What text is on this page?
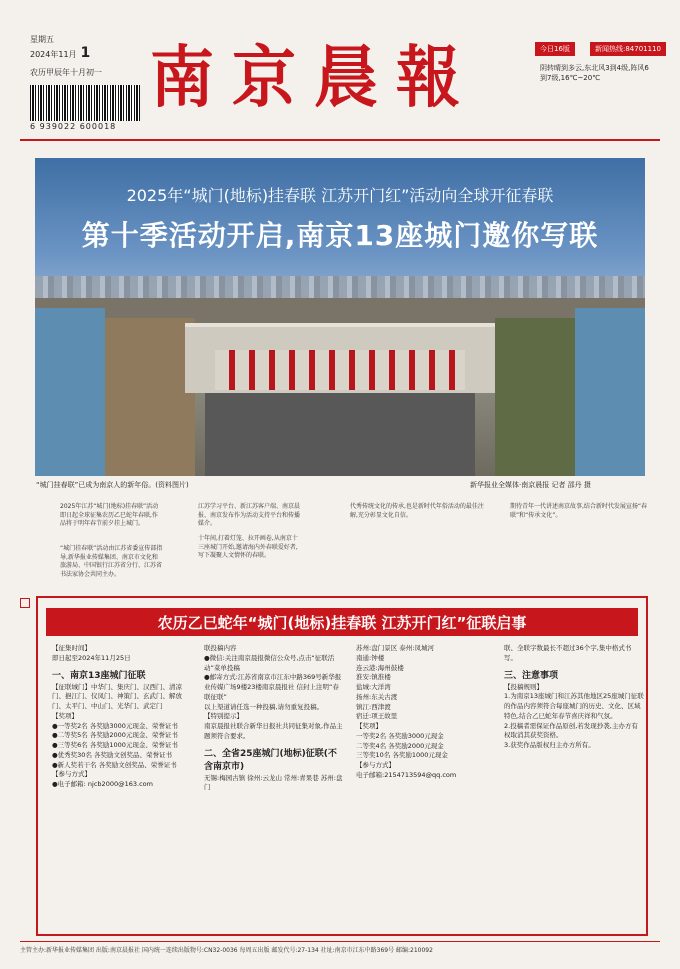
星期五
2024年11月 1
农历甲辰年十月初一
6 939022 600018
南京晨報	今日16版	新闻热线:84701110
阴转晴到多云,东北风3到4级,阵风6到7级,16℃~20℃
2025年“城门(地标)挂春联 江苏开门红”活动向全球开征春联
第十季活动开启,南京13座城门邀你写联
“城门挂春联”已成为南京人的新年俗。(资料图片)	新华报业全媒体·南京晨报 记者 邵丹 摄
2025年江苏“城门(地标)挂春联”活动即日起全球征集农历乙巳蛇年春联,作品将于明年春节前夕挂上城门。
“城门挂春联”活动由江苏省委宣传部指导,新华报业传媒集团、南京市文化和旅游局、中国银行江苏省分行、江苏省书法家协会共同主办。
江苏学习平台、新江苏客户端、南京晨报、南京发布作为活动支持平台和传播媒介。
十年间,打着灯笼、拉开画卷,从南京十三座城门开始,邀请海内外春联爱好者,写下凝聚人文情怀的春联。
代秀传统文化的传承,也是新时代年俗活动的最佳注解,充分彰显文化自信。
期待青年一代讲述南京故事,结合新时代发展宣扬“春联”和“传承文化”。
农历乙巳蛇年“城门(地标)挂春联 江苏开门红”征联启事
【征集时间】
即日起至2024年11月25日
一、南京13座城门征联
【征联城门】中华门、集庆门、汉西门、清凉门、挹江门、仪凤门、神策门、玄武门、解放门、太平门、中山门、光华门、武定门
【奖项】
●一等奖2名 各奖励3000元现金、荣誉证书
●二等奖5名 各奖励2000元现金、荣誉证书
●三等奖6名 各奖励1000元现金、荣誉证书
●优秀奖30名 各奖励文创奖品、荣誉证书
●新人奖若干名 各奖励文创奖品、荣誉证书
【参与方式】
●电子邮箱: njcb2000@163.com
联投稿内容
●微信:关注南京晨报微信公众号,点击“征联活动”菜单投稿
●邮寄方式:江苏省南京市江东中路369号新华报业传媒广场9楼23楼南京晨报社 信封上注明“春联征联”
以上渠道请任选一种投稿,请勿重复投稿。
【特别提示】
南京晨报社联合新华日报社共同征集对象,作品主题须符合要求。
二、全省25座城门(地标)征联(不含南京市)
无锡:梅园古镇 徐州:云龙山 常州:青果巷 苏州:盘门
苏州:盘门景区 泰州:凤城河
南通:钟楼
连云港:海州鼓楼
淮安:镇淮楼
盐城:大洋湾
扬州:东关古渡
镇江:西津渡
宿迁:项王故里
【奖项】
一等奖2名 各奖励3000元现金
二等奖4名 各奖励2000元现金
三等奖10名 各奖励1000元现金
【参与方式】
电子邮箱:2154713594@qq.com
联、全联字数最长不超过36个字,集中格式书写。
三、注意事项
【投稿规则】
1.为南京13座城门和江苏其他地区25座城门征联的作品内容须符合每座城门的历史、文化、区域特色,结合乙巳蛇年春节喜庆祥和气氛。
2.投稿者需保证作品原创,若发现抄袭,主办方有权取消其获奖资格。
3.获奖作品版权归主办方所有。
主管主办:新华报业传媒集团 出版:南京晨报社 国内统一连续出版物号:CN32-0036 每周五出版 邮发代号:27-134 社址:南京市江东中路369号 邮编:210092
